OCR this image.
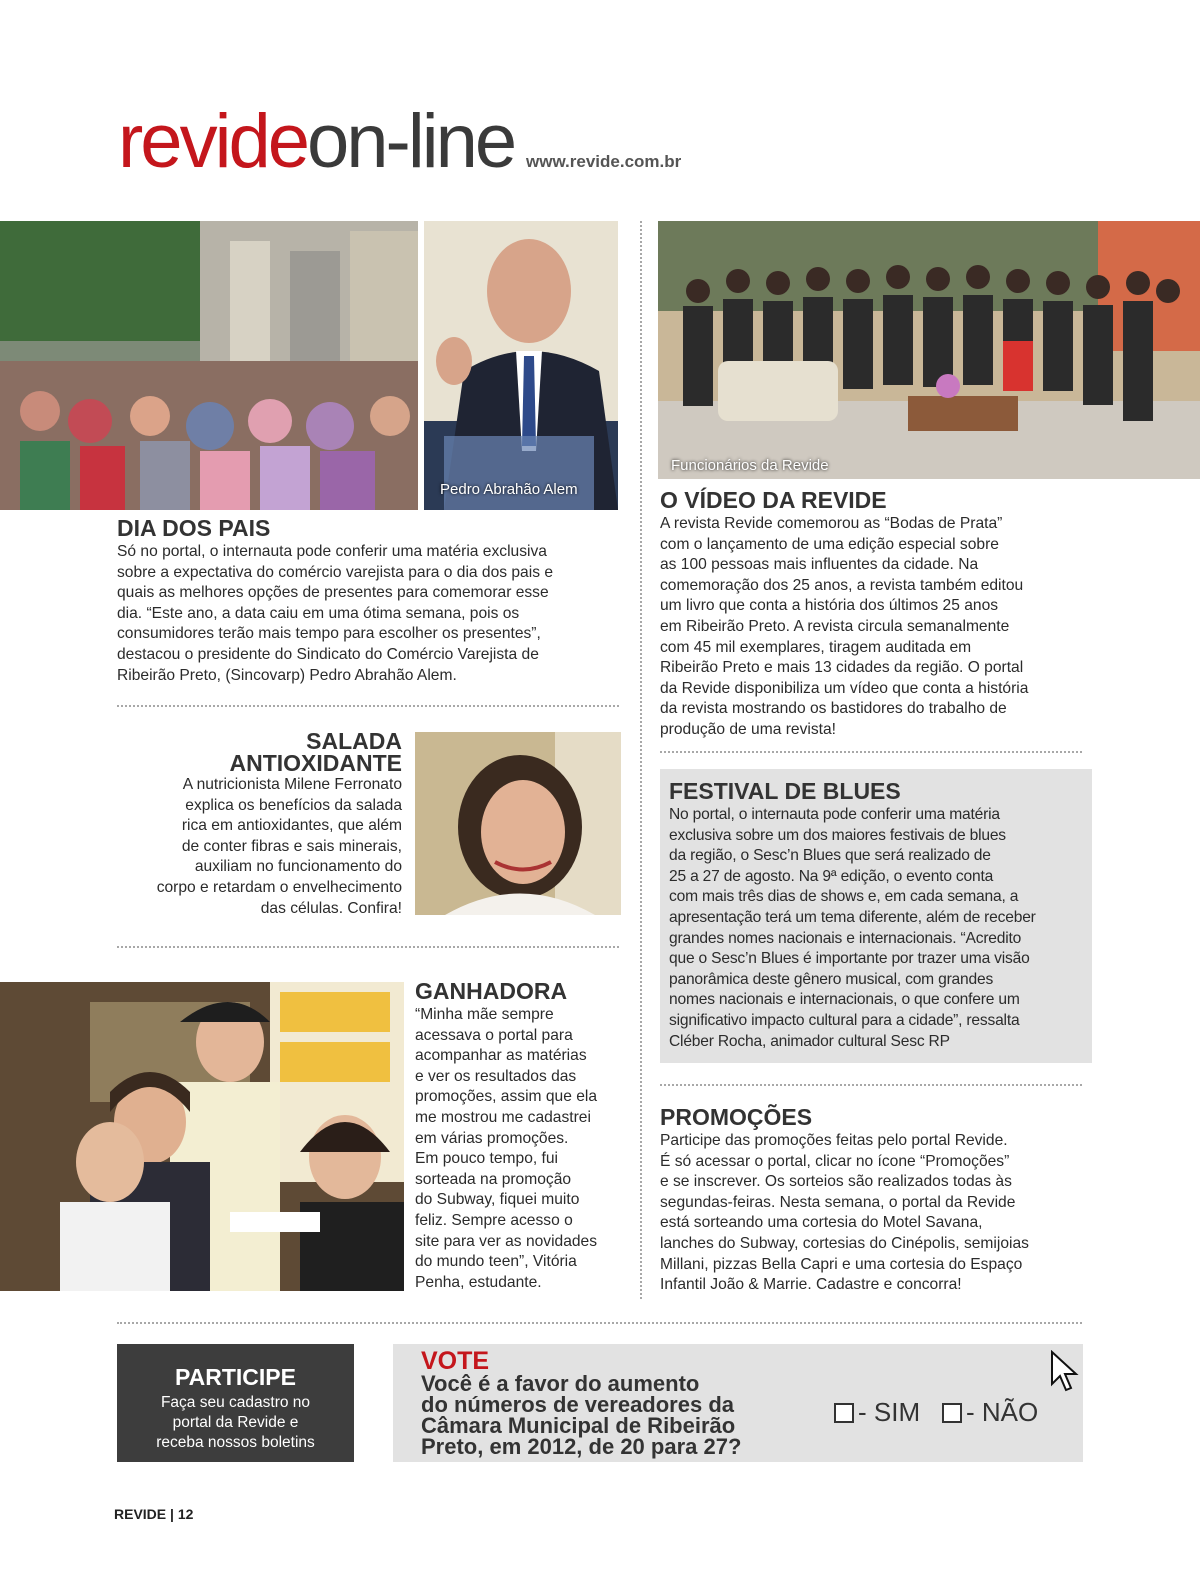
revideon-line www.revide.com.br
Pedro Abrahão Alem
Funcionários da Revide
DIA DOS PAIS
Só no portal, o internauta pode conferir uma matéria exclusiva
sobre a expectativa do comércio varejista para o dia dos pais e
quais as melhores opções de presentes para comemorar esse
dia. “Este ano, a data caiu em uma ótima semana, pois os
consumidores terão mais tempo para escolher os presentes”,
destacou o presidente do Sindicato do Comércio Varejista de
Ribeirão Preto, (Sincovarp) Pedro Abrahão Alem.
SALADA
ANTIOXIDANTE
A nutricionista Milene Ferronato
explica os benefícios da salada
rica em antioxidantes, que além
de conter fibras e sais minerais,
auxiliam no funcionamento do
corpo e retardam o envelhecimento
das células. Confira!
GANHADORA
“Minha mãe sempre
acessava o portal para
acompanhar as matérias
e ver os resultados das
promoções, assim que ela
me mostrou me cadastrei
em várias promoções.
Em pouco tempo, fui
sorteada na promoção
do Subway, fiquei muito
feliz. Sempre acesso o
site para ver as novidades
do mundo teen”, Vitória
Penha, estudante.
O VÍDEO DA REVIDE
A revista Revide comemorou as “Bodas de Prata”
com o lançamento de uma edição especial sobre
as 100 pessoas mais influentes da cidade. Na
comemoração dos 25 anos, a revista também editou
um livro que conta a história dos últimos 25 anos
em Ribeirão Preto. A revista circula semanalmente
com 45 mil exemplares, tiragem auditada em
Ribeirão Preto e mais 13 cidades da região. O portal
da Revide disponibiliza um vídeo que conta a história
da revista mostrando os bastidores do trabalho de
produção de uma revista!
FESTIVAL DE BLUES
No portal, o internauta pode conferir uma matéria
exclusiva sobre um dos maiores festivais de blues
da região, o Sesc’n Blues que será realizado de
25 a 27 de agosto. Na 9ª edição, o evento conta
com mais três dias de shows e, em cada semana, a
apresentação terá um tema diferente, além de receber
grandes nomes nacionais e internacionais. “Acredito
que o Sesc’n Blues é importante por trazer uma visão
panorâmica deste gênero musical, com grandes
nomes nacionais e internacionais, o que confere um
significativo impacto cultural para a cidade”, ressalta
Cléber Rocha, animador cultural Sesc RP
PROMOÇÕES
Participe das promoções feitas pelo portal Revide.
É só acessar o portal, clicar no ícone “Promoções”
e se inscrever. Os sorteios são realizados todas às
segundas-feiras. Nesta semana, o portal da Revide
está sorteando uma cortesia do Motel Savana,
lanches do Subway, cortesias do Cinépolis, semijoias
Millani, pizzas Bella Capri e uma cortesia do Espaço
Infantil João & Marrie. Cadastre e concorra!
PARTICIPE
Faça seu cadastro no
portal da Revide e
receba nossos boletins
VOTE
Você é a favor do aumento
do números de vereadores da
Câmara Municipal de Ribeirão
Preto, em 2012, de 20 para 27?
- SIM - NÃO
REVIDE | 12
